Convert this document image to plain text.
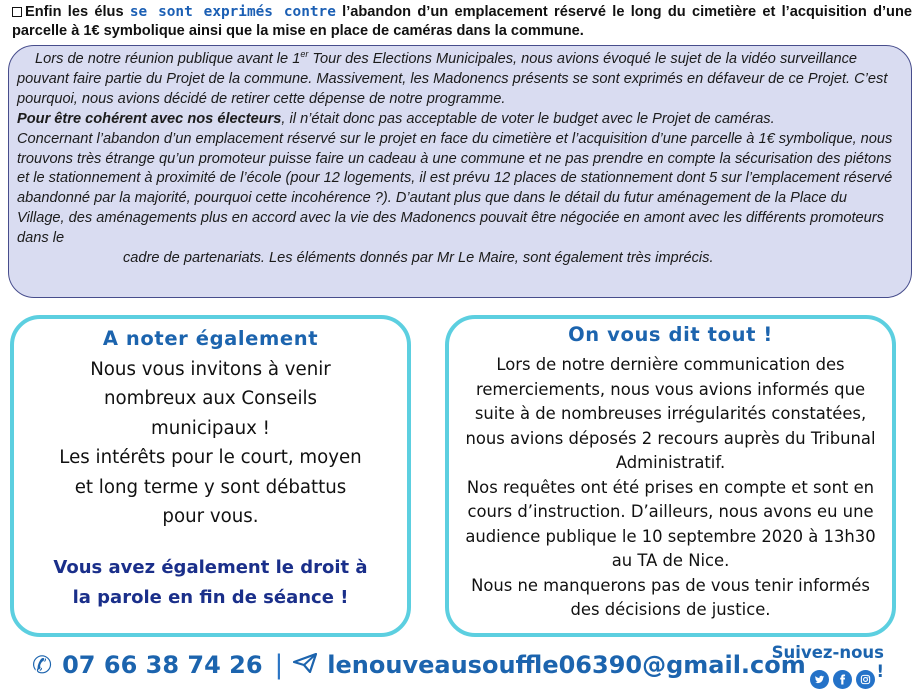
Enfin les élus se sont exprimés contre l’abandon d’un emplacement réservé le long du cimetière et l’acquisition d’une parcelle à 1€ symbolique ainsi que la mise en place de caméras dans la commune.

Lors de notre réunion publique avant le 1er Tour des Elections Municipales, nous avions évoqué le sujet de la vidéo surveillance pouvant faire partie du Projet de la commune. Massivement, les Madonencs présents se sont exprimés en défaveur de ce Projet. C’est pourquoi, nous avions décidé de retirer cette dépense de notre programme.

Pour être cohérent avec nos électeurs, il n’était donc pas acceptable de voter le budget avec le Projet de caméras.

Concernant l’abandon d’un emplacement réservé sur le projet en face du cimetière et l’acquisition d’une parcelle à 1€ symbolique, nous trouvons très étrange qu’un promoteur puisse faire un cadeau à une commune et ne pas prendre en compte la sécurisation des piétons et le stationnement à proximité de l’école (pour 12 logements, il est prévu 12 places de stationnement dont 5 sur l’emplacement réservé abandonné par la majorité, pourquoi cette incohérence ?). D’autant plus que dans le détail du futur aménagement de la Place du Village, des aménagements plus en accord avec la vie des Madonencs pouvait être négociée en amont avec les différents promoteurs dans le

cadre de partenariats. Les éléments donnés par Mr Le Maire, sont également très imprécis.

A noter également
Nous vous invitons à venir
nombreux aux Conseils
municipaux !
Les intérêts pour le court, moyen
et long terme y sont débattus
pour vous.
Vous avez également le droit à
la parole en fin de séance !
On vous dit tout !
Lors de notre dernière communication des
remerciements, nous vous avions informés que
suite à de nombreuses irrégularités constatées,
nous avions déposés 2 recours auprès du Tribunal
Administratif.
Nos requêtes ont été prises en compte et sont en
cours d’instruction. D’ailleurs, nous avons eu une
audience publique le 10 septembre 2020 à 13h30
au TA de Nice.
Nous ne manquerons pas de vous tenir informés
des décisions de justice.
✆ 07 66 38 74 26 | lenouveausouffle06390@gmail.com
Suivez-nous !
